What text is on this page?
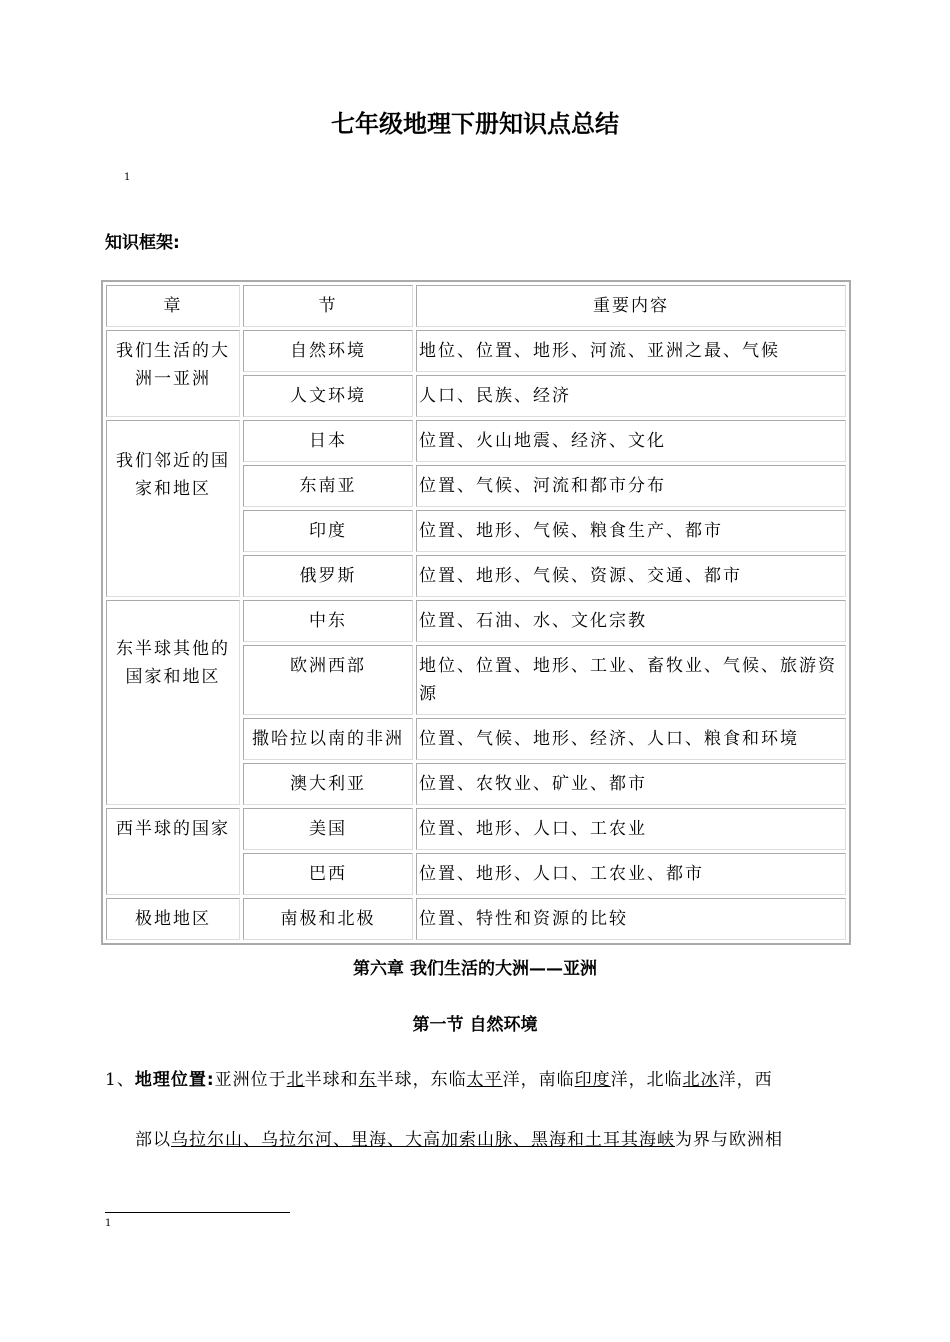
七年级地理下册知识点总结
1
知识框架:
章	节	重要内容
我们生活的大洲一亚洲	自然环境	地位、位置、地形、河流、亚洲之最、气候
	人文环境	人口、民族、经济
我们邻近的国家和地区	日本	位置、火山地震、经济、文化
	东南亚	位置、气候、河流和都市分布
	印度	位置、地形、气候、粮食生产、都市
	俄罗斯	位置、地形、气候、资源、交通、都市
东半球其他的国家和地区	中东	位置、石油、水、文化宗教
	欧洲西部	地位、位置、地形、工业、畜牧业、气候、旅游资源
	撒哈拉以南的非洲	位置、气候、地形、经济、人口、粮食和环境
	澳大利亚	位置、农牧业、矿业、都市
西半球的国家	美国	位置、地形、人口、工农业
	巴西	位置、地形、人口、工农业、都市
极地地区	南极和北极	位置、特性和资源的比较
第六章 我们生活的大洲——亚洲
第一节 自然环境
1、地理位置:亚洲位于北半球和东半球，东临太平洋，南临印度洋，北临北冰洋，西
部以乌拉尔山、乌拉尔河、里海、大高加索山脉、黑海和土耳其海峡为界与欧洲相
1
